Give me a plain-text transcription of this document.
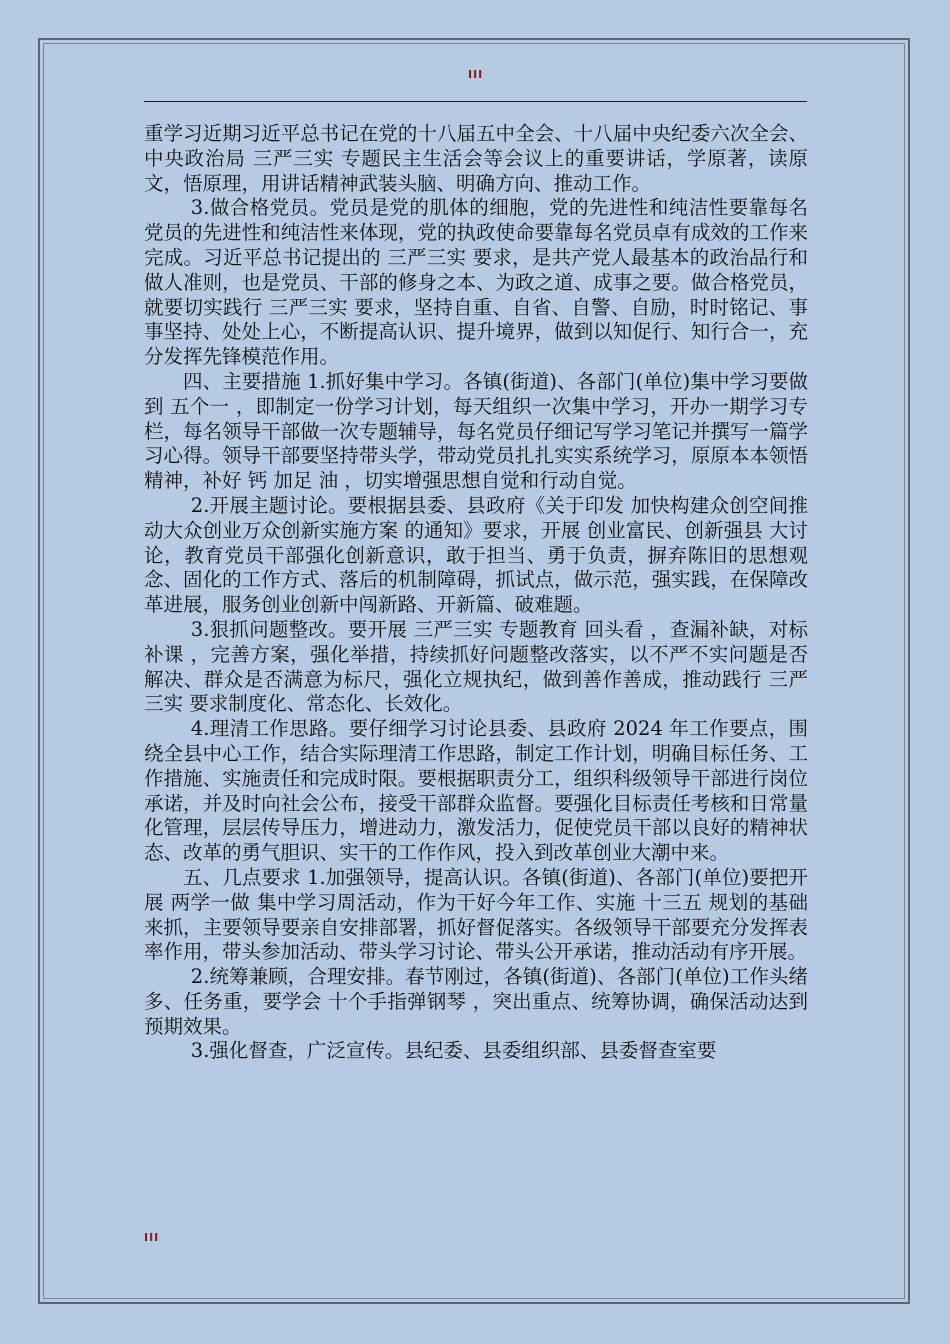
III

重学习近期习近平总书记在党的十八届五中全会、十八届中央纪委六次全会、中央政治局 三严三实 专题民主生活会等会议上的重要讲话，学原著，读原文，悟原理，用讲话精神武装头脑、明确方向、推动工作。

3.做合格党员。党员是党的肌体的细胞，党的先进性和纯洁性要靠每名党员的先进性和纯洁性来体现，党的执政使命要靠每名党员卓有成效的工作来完成。习近平总书记提出的 三严三实 要求，是共产党人最基本的政治品行和做人准则，也是党员、干部的修身之本、为政之道、成事之要。做合格党员，就要切实践行 三严三实 要求，坚持自重、自省、自警、自励，时时铭记、事事坚持、处处上心，不断提高认识、提升境界，做到以知促行、知行合一，充分发挥先锋模范作用。

四、主要措施 1.抓好集中学习。各镇(街道)、各部门(单位)集中学习要做到 五个一 ，即制定一份学习计划，每天组织一次集中学习，开办一期学习专栏，每名领导干部做一次专题辅导，每名党员仔细记写学习笔记并撰写一篇学习心得。领导干部要坚持带头学，带动党员扎扎实实系统学习，原原本本领悟精神，补好 钙 加足 油 ，切实增强思想自觉和行动自觉。

2.开展主题讨论。要根据县委、县政府《关于印发 加快构建众创空间推动大众创业万众创新实施方案 的通知》要求，开展 创业富民、创新强县 大讨论，教育党员干部强化创新意识，敢于担当、勇于负责，摒弃陈旧的思想观念、固化的工作方式、落后的机制障碍，抓试点，做示范，强实践，在保障改革进展，服务创业创新中闯新路、开新篇、破难题。

3.狠抓问题整改。要开展 三严三实 专题教育 回头看 ，查漏补缺，对标 补课 ，完善方案，强化举措，持续抓好问题整改落实，以不严不实问题是否解决、群众是否满意为标尺，强化立规执纪，做到善作善成，推动践行 三严三实 要求制度化、常态化、长效化。

4.理清工作思路。要仔细学习讨论县委、县政府 2024 年工作要点，围绕全县中心工作，结合实际理清工作思路，制定工作计划，明确目标任务、工作措施、实施责任和完成时限。要根据职责分工，组织科级领导干部进行岗位承诺，并及时向社会公布，接受干部群众监督。要强化目标责任考核和日常量化管理，层层传导压力，增进动力，激发活力，促使党员干部以良好的精神状态、改革的勇气胆识、实干的工作作风，投入到改革创业大潮中来。

五、几点要求 1.加强领导，提高认识。各镇(街道)、各部门(单位)要把开展 两学一做 集中学习周活动，作为干好今年工作、实施 十三五 规划的基础来抓，主要领导要亲自安排部署，抓好督促落实。各级领导干部要充分发挥表率作用，带头参加活动、带头学习讨论、带头公开承诺，推动活动有序开展。

2.统筹兼顾，合理安排。春节刚过，各镇(街道)、各部门(单位)工作头绪多、任务重，要学会 十个手指弹钢琴 ，突出重点、统筹协调，确保活动达到预期效果。

3.强化督查，广泛宣传。县纪委、县委组织部、县委督查室要

III
